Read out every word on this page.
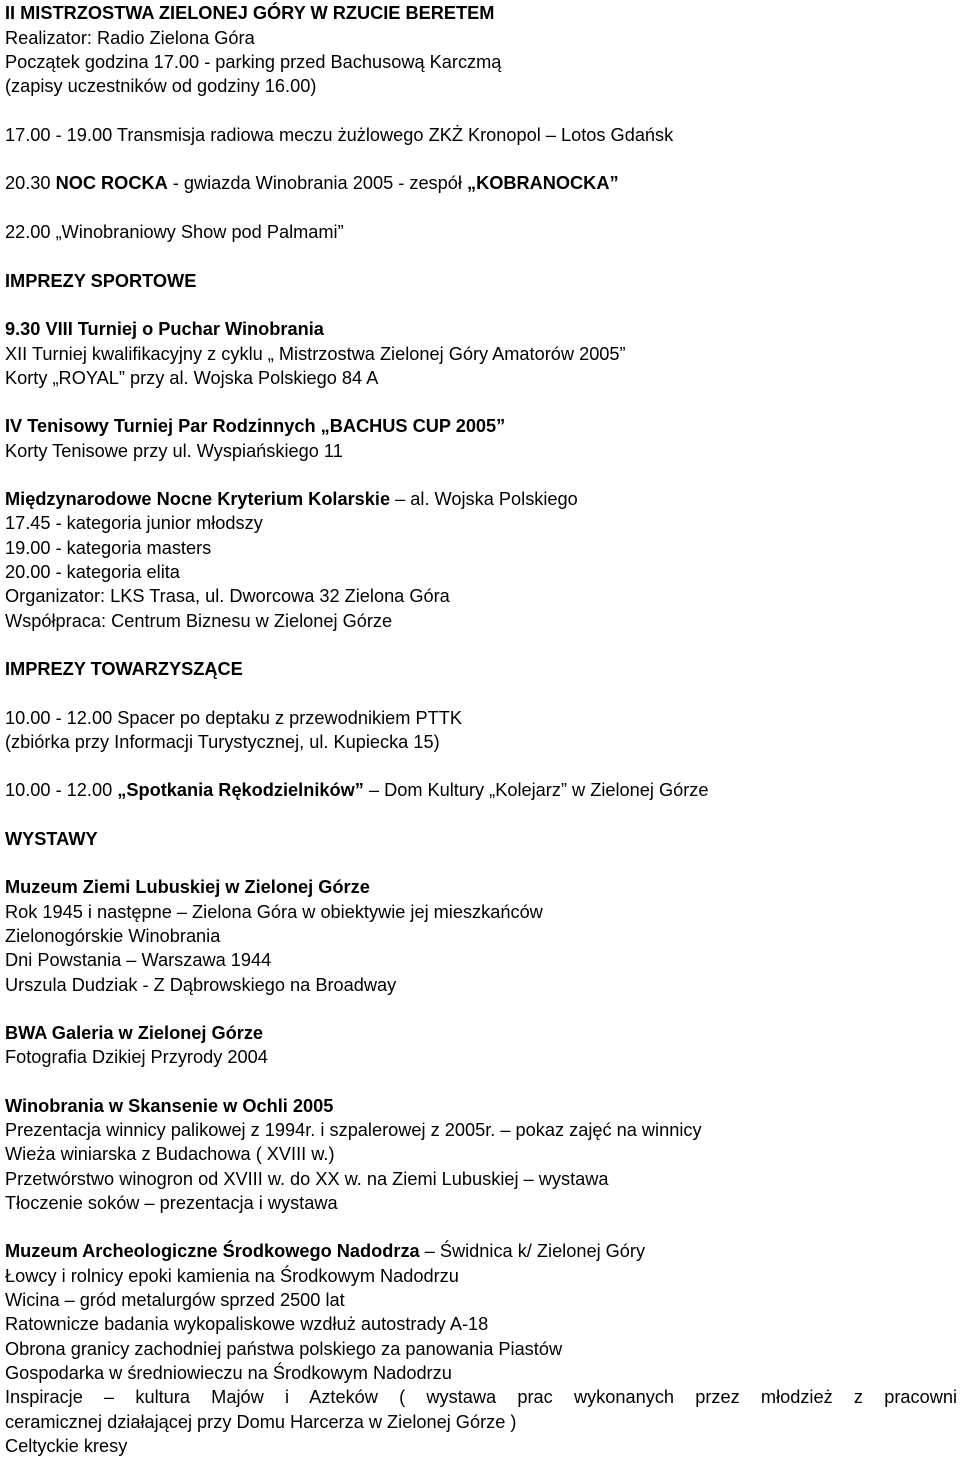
II MISTRZOSTWA ZIELONEJ GÓRY W RZUCIE BERETEM
Realizator: Radio Zielona Góra
Początek godzina 17.00 - parking przed Bachusową Karczmą
(zapisy uczestników od godziny 16.00)
17.00 - 19.00 Transmisja radiowa meczu żużlowego ZKŻ Kronopol – Lotos Gdańsk
20.30 NOC ROCKA - gwiazda Winobrania 2005 - zespół „KOBRANOCKA”
22.00 „Winobraniowy Show pod Palmami”
IMPREZY SPORTOWE
9.30 VIII Turniej o Puchar Winobrania
XII Turniej kwalifikacyjny z cyklu „ Mistrzostwa Zielonej Góry Amatorów 2005”
Korty „ROYAL” przy al. Wojska Polskiego 84 A
IV Tenisowy Turniej Par Rodzinnych „BACHUS CUP 2005”
Korty Tenisowe przy ul. Wyspiańskiego 11
Międzynarodowe Nocne Kryterium Kolarskie – al. Wojska Polskiego
17.45 - kategoria junior młodszy
19.00 - kategoria masters
20.00 - kategoria elita
Organizator: LKS Trasa, ul. Dworcowa 32 Zielona Góra
Współpraca: Centrum Biznesu w Zielonej Górze
IMPREZY TOWARZYSZĄCE
10.00 - 12.00 Spacer po deptaku z przewodnikiem PTTK
(zbiórka przy Informacji Turystycznej, ul. Kupiecka 15)
10.00 - 12.00 „Spotkania Rękodzielników” – Dom Kultury „Kolejarz” w Zielonej Górze
WYSTAWY
Muzeum Ziemi Lubuskiej w Zielonej Górze
Rok 1945 i następne – Zielona Góra w obiektywie jej mieszkańców
Zielonogórskie Winobrania
Dni Powstania – Warszawa 1944
Urszula Dudziak - Z Dąbrowskiego na Broadway
BWA Galeria w Zielonej Górze
Fotografia Dzikiej Przyrody 2004
Winobrania w Skansenie w Ochli 2005
Prezentacja winnicy palikowej z 1994r. i szpalerowej z 2005r. – pokaz zajęć na winnicy
Wieża winiarska z Budachowa ( XVIII w.)
Przetwórstwo winogron od XVIII w. do XX w. na Ziemi Lubuskiej – wystawa
Tłoczenie soków – prezentacja i wystawa
Muzeum Archeologiczne Środkowego Nadodrza – Świdnica k/ Zielonej Góry
Łowcy i rolnicy epoki kamienia na Środkowym Nadodrzu
Wicina – gród metalurgów sprzed 2500 lat
Ratownicze badania wykopaliskowe wzdłuż autostrady A-18
Obrona granicy zachodniej państwa polskiego za panowania Piastów
Gospodarka w średniowieczu na Środkowym Nadodrzu
Inspiracje – kultura Majów i Azteków ( wystawa prac wykonanych przez młodzież z pracowni
ceramicznej działającej przy Domu Harcerza w Zielonej Górze )
Celtyckie kresy
